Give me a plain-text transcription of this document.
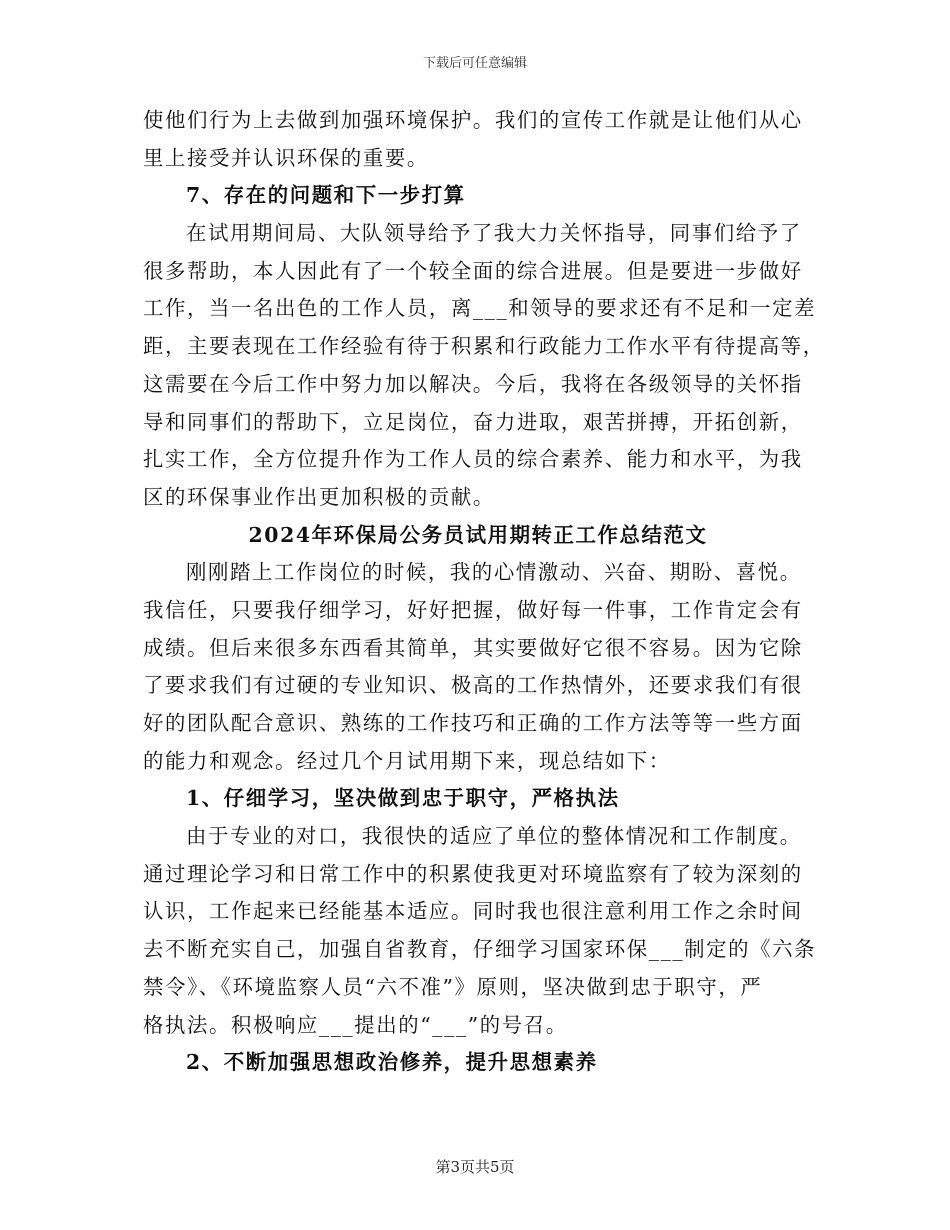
下载后可任意编辑
使他们行为上去做到加强环境保护。我们的宣传工作就是让他们从心
里上接受并认识环保的重要。
7、存在的问题和下一步打算
在试用期间局、大队领导给予了我大力关怀指导，同事们给予了
很多帮助，本人因此有了一个较全面的综合进展。但是要进一步做好
工作，当一名出色的工作人员，离___和领导的要求还有不足和一定差
距，主要表现在工作经验有待于积累和行政能力工作水平有待提高等，
这需要在今后工作中努力加以解决。今后，我将在各级领导的关怀指
导和同事们的帮助下，立足岗位，奋力进取，艰苦拼搏，开拓创新，
扎实工作，全方位提升作为工作人员的综合素养、能力和水平，为我
区的环保事业作出更加积极的贡献。
2024年环保局公务员试用期转正工作总结范文
刚刚踏上工作岗位的时候，我的心情激动、兴奋、期盼、喜悦。
我信任，只要我仔细学习，好好把握，做好每一件事，工作肯定会有
成绩。但后来很多东西看其简单，其实要做好它很不容易。因为它除
了要求我们有过硬的专业知识、极高的工作热情外，还要求我们有很
好的团队配合意识、熟练的工作技巧和正确的工作方法等等一些方面
的能力和观念。经过几个月试用期下来，现总结如下：
1、仔细学习，坚决做到忠于职守，严格执法
由于专业的对口，我很快的适应了单位的整体情况和工作制度。
通过理论学习和日常工作中的积累使我更对环境监察有了较为深刻的
认识，工作起来已经能基本适应。同时我也很注意利用工作之余时间
去不断充实自己，加强自省教育，仔细学习国家环保___制定的《六条
禁令》、《环境监察人员“六不准”》原则，坚决做到忠于职守，严
格执法。积极响应___提出的“___”的号召。
2、不断加强思想政治修养，提升思想素养
第3页共5页
